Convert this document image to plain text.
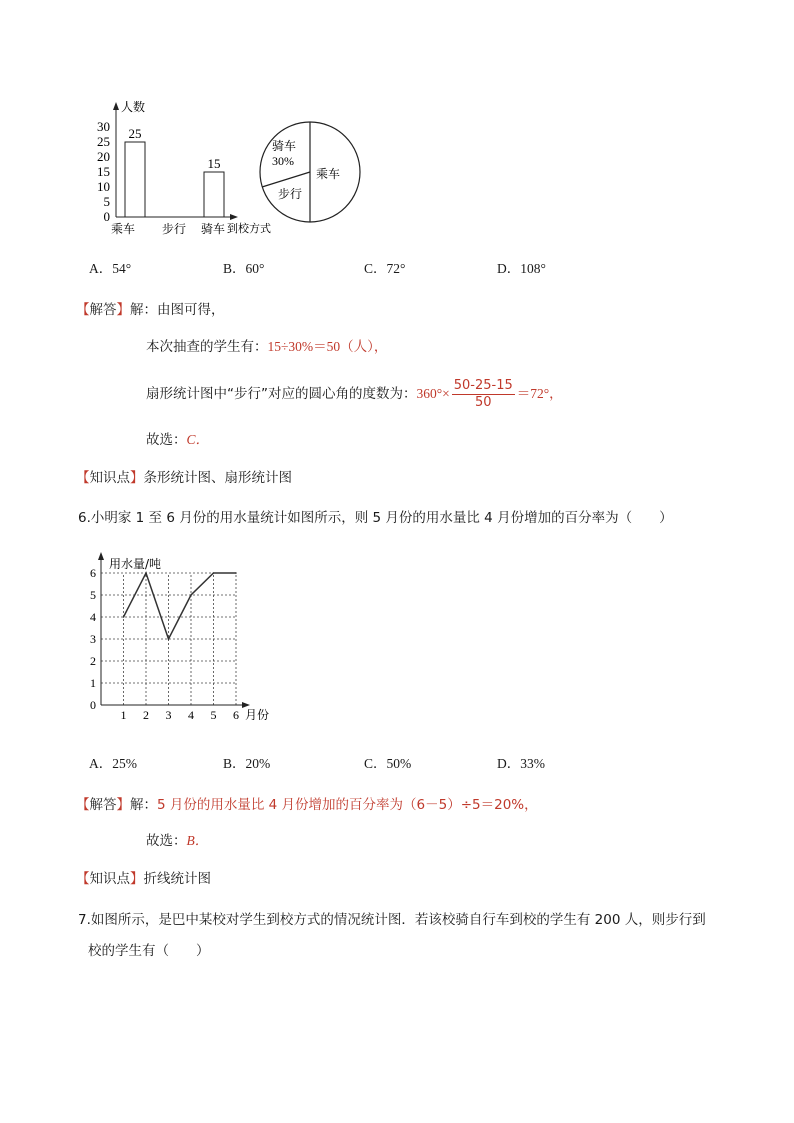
30
25
20
15
10
5
0
25
15
人数
乘车 步行 骑车 到校方式
骑车
30%
乘车
步行
A．54°	B．60°	C．72°	D．108°
【解答】解：由图可得，
本次抽查的学生有：15÷30%＝50（人），
扇形统计图中“步行”对应的圆心角的度数为：$360^\circ\times \frac{50-25-15}{50} =72^\circ$，
故选：C．
【知识点】条形统计图、扇形统计图
6.小明家 1 至 6 月份的用水量统计如图所示，则 5 月份的用水量比 4 月份增加的百分率为（　　）
0
1
2
3
4
5
6
1 2 3 4 5 6
用水量/吨
月份
A．25%	B．20%	C．50%	D．33%
【解答】解：5 月份的用水量比 4 月份增加的百分率为（6－5）÷5＝20%，
故选：B．
【知识点】折线统计图
7.如图所示，是巴中某校对学生到校方式的情况统计图．若该校骑自行车到校的学生有 200 人，则步行到
校的学生有（　　）
